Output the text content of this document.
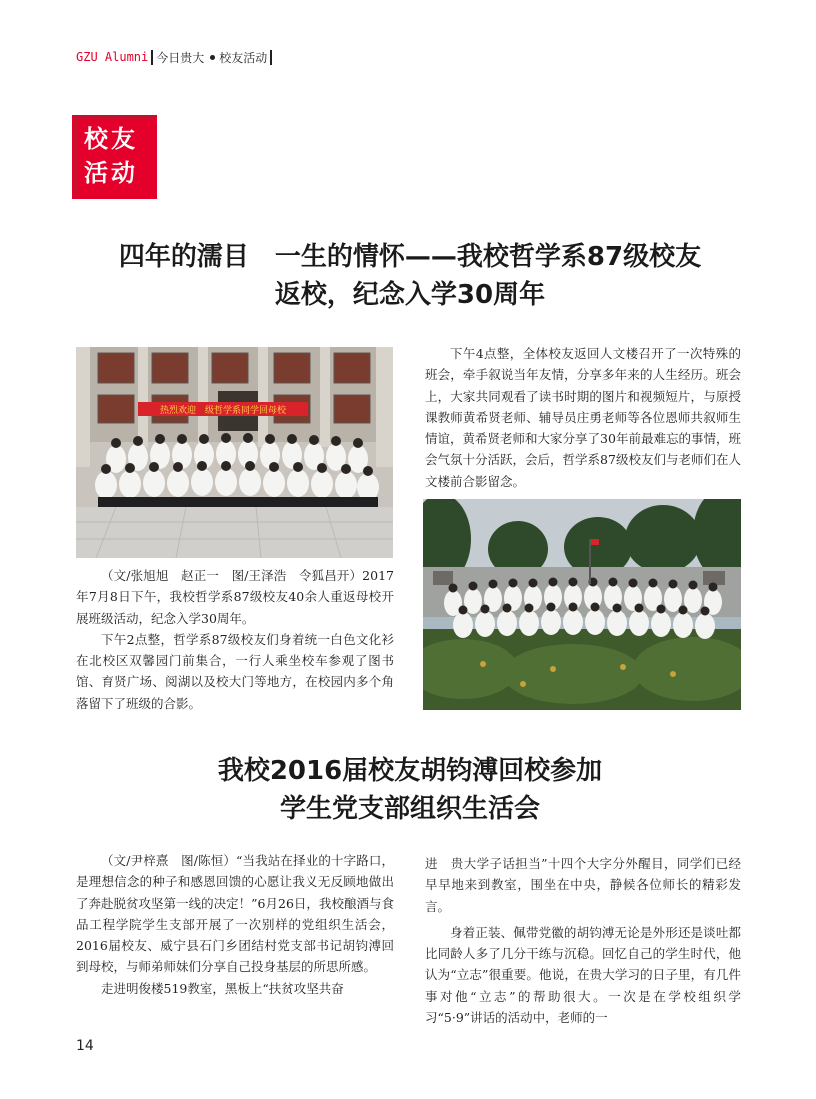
GZU Alumni 今日贵大 校友活动
校友
活动
四年的濡目　一生的情怀——我校哲学系87级校友
返校，纪念入学30周年
热烈欢迎　级哲学系同学回母校

（文/张旭旭　赵正一　图/王泽浩　令狐昌开）2017年7月8日下午，我校哲学系87级校友40余人重返母校开展班级活动，纪念入学30周年。

下午2点整，哲学系87级校友们身着统一白色文化衫在北校区双馨园门前集合，一行人乘坐校车参观了图书馆、育贤广场、阅湖以及校大门等地方，在校园内多个角落留下了班级的合影。

下午4点整，全体校友返回人文楼召开了一次特殊的班会，牵手叙说当年友情，分享多年来的人生经历。班会上，大家共同观看了读书时期的图片和视频短片，与原授课教师黄希贤老师、辅导员庄勇老师等各位恩师共叙师生情谊，黄希贤老师和大家分享了30年前最难忘的事情，班会气氛十分活跃，会后，哲学系87级校友们与老师们在人文楼前合影留念。

我校2016届校友胡钧溥回校参加
学生党支部组织生活会

（文/尹梓熹　图/陈恒）“当我站在择业的十字路口，是理想信念的种子和感恩回馈的心愿让我义无反顾地做出了奔赴脱贫攻坚第一线的决定！”6月26日，我校酿酒与食品工程学院学生支部开展了一次别样的党组织生活会，2016届校友、威宁县石门乡团结村党支部书记胡钧溥回到母校，与师弟师妹们分享自己投身基层的所思所感。

走进明俊楼519教室，黑板上“扶贫攻坚共奋

进　贵大学子话担当”十四个大字分外醒目，同学们已经早早地来到教室，围坐在中央，静候各位师长的精彩发言。

身着正装、佩带党徽的胡钧溥无论是外形还是谈吐都比同龄人多了几分干练与沉稳。回忆自己的学生时代，他认为“立志”很重要。他说，在贵大学习的日子里，有几件事对他“立志”的帮助很大。一次是在学校组织学习“5·9”讲话的活动中，老师的一

14
